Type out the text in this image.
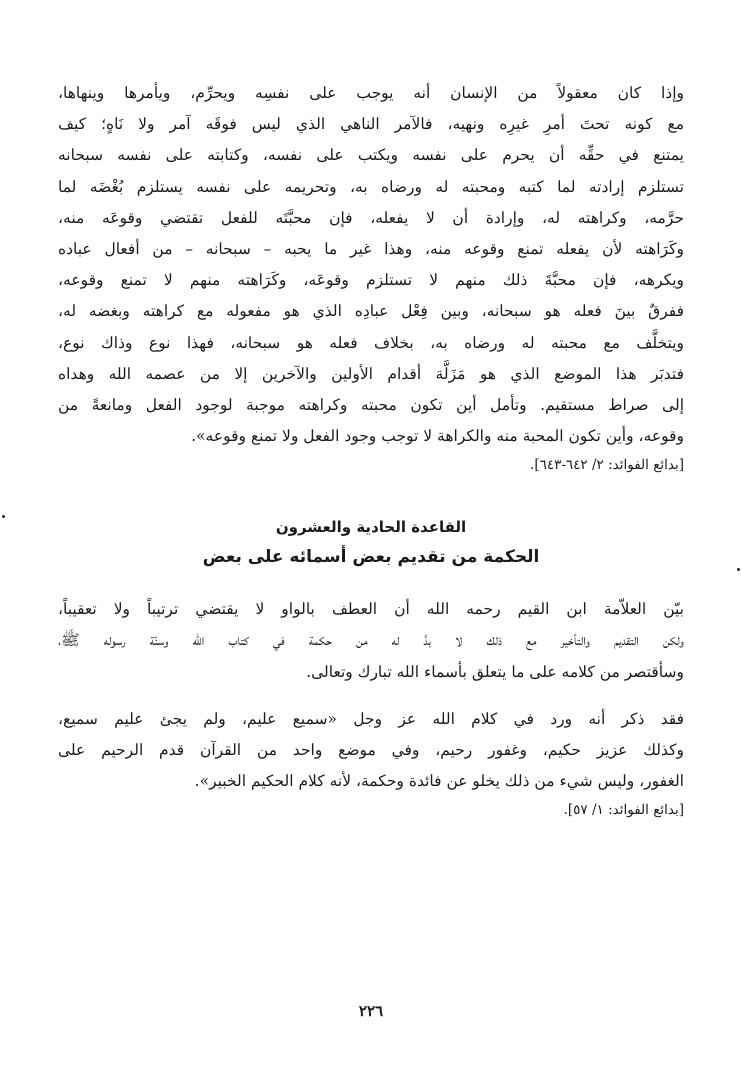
وإذا كان معقولاً من الإنسان أنه يوجب على نفسِه ويحرِّم، ويأمرها وينهاها،
مع كونه تحتَ أمرِ غيرِه ونهيه، فالآمر الناهي الذي ليس فوقَه آمر ولا نَاهٍ؛ كيف
يمتنع في حقِّه أن يحرم على نفسه ويكتب على نفسه، وكتابته على نفسه سبحانه
تستلزم إرادته لما كتبه ومحبته له ورضاه به، وتحريمه على نفسه يستلزم بُغْضَه لما
حرَّمه، وكراهته له، وإرادة أن لا يفعله، فإن محبَّتَه للفعل تقتضي وقوعَه منه،
وكَرَاهته لأن يفعله تمنع وقوعه منه، وهذا غير ما يحبه – سبحانه – من أفعال عباده
ويكرهه، فإن محبَّةَ ذلك منهم لا تستلزم وقوعَه، وكَرَاهته منهم لا تمنع وقوعه،
ففرقٌ بينَ فعله هو سبحانه، وبين فِعْل عبادِه الذي هو مفعوله مع كراهته وبغضه له،
ويتخلَّف مع محبته له ورضاه به، بخلاف فعله هو سبحانه، فهذا نوع وذاك نوع،
فتدبَر هذا الموضع الذي هو مَزَلَّة أقدام الأولين والآخرين إلا من عصمه الله وهداه
إلى صراط مستقيم. وتأمل أين تكون محبته وكراهته موجبة لوجود الفعل ومانعةً من
وقوعه، وأين تكون المحبة منه والكراهة لا توجب وجود الفعل ولا تمنع وقوعه».
[بدائع الفوائد: ٢/ ٦٤٢-٦٤٣].
القاعدة الحادية والعشرون
الحكمة من تقديم بعض أسمائه على بعض
بيّن العلاّمة ابن القيم رحمه الله أن العطف بالواو لا يقتضي ترتيباً ولا تعقيباً،
ولكن التقديم والتأخير مع ذلك لا بدَّ له من حكمة في كتاب الله وسنّة رسوله ﷺ،
وسأقتصر من كلامه على ما يتعلق بأسماء الله تبارك وتعالى.
فقد ذكر أنه ورد في كلام الله عز وجل «سميع عليم، ولم يجئ عليم سميع،
وكذلك عزيز حكيم، وغفور رحيم، وفي موضع واحد من القرآن قدم الرحيم على
الغفور، وليس شيء من ذلك يخلو عن فائدة وحكمة، لأنه كلام الحكيم الخبير».
[بدائع الفوائد: ١/ ٥٧].
٢٢٦
